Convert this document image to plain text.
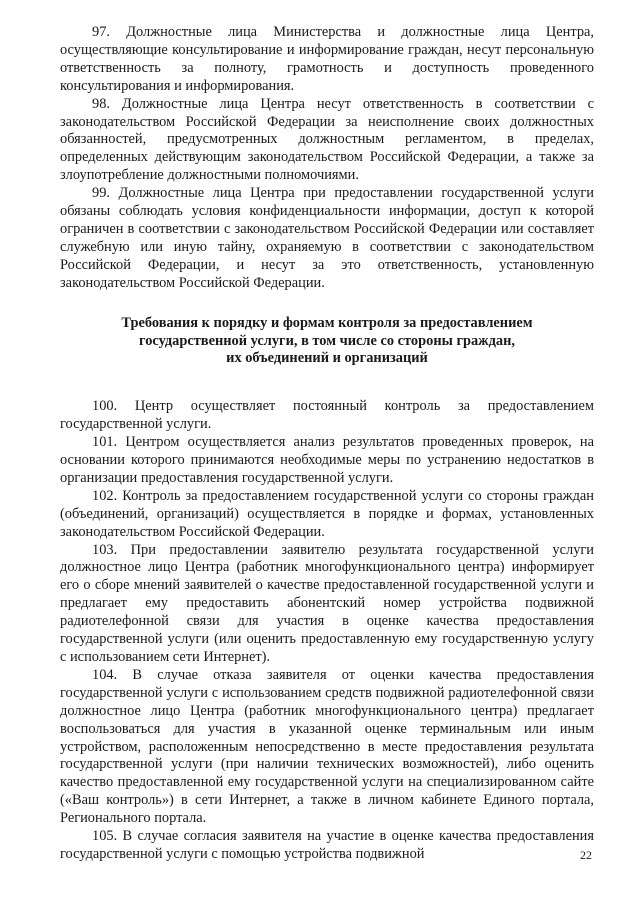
97. Должностные лица Министерства и должностные лица Центра, осуществляющие консультирование и информирование граждан, несут персональную ответственность за полноту, грамотность и доступность проведенного консультирования и информирования.

98. Должностные лица Центра несут ответственность в соответствии с законодательством Российской Федерации за неисполнение своих должностных обязанностей, предусмотренных должностным регламентом, в пределах, определенных действующим законодательством Российской Федерации, а также за злоупотребление должностными полномочиями.

99. Должностные лица Центра при предоставлении государственной услуги обязаны соблюдать условия конфиденциальности информации, доступ к которой ограничен в соответствии с законодательством Российской Федерации или составляет служебную или иную тайну, охраняемую в соответствии с законодательством Российской Федерации, и несут за это ответственность, установленную законодательством Российской Федерации.

Требования к порядку и формам контроля за предоставлением
государственной услуги, в том числе со стороны граждан,
их объединений и организаций

100. Центр осуществляет постоянный контроль за предоставлением государственной услуги.

101. Центром осуществляется анализ результатов проведенных проверок, на основании которого принимаются необходимые меры по устранению недостатков в организации предоставления государственной услуги.

102. Контроль за предоставлением государственной услуги со стороны граждан (объединений, организаций) осуществляется в порядке и формах, установленных законодательством Российской Федерации.

103. При предоставлении заявителю результата государственной услуги должностное лицо Центра (работник многофункционального центра) информирует его о сборе мнений заявителей о качестве предоставленной государственной услуги и предлагает ему предоставить абонентский номер устройства подвижной радиотелефонной связи для участия в оценке качества предоставления государственной услуги (или оценить предоставленную ему государственную услугу с использованием сети Интернет).

104. В случае отказа заявителя от оценки качества предоставления государственной услуги с использованием средств подвижной радиотелефонной связи должностное лицо Центра (работник многофункционального центра) предлагает воспользоваться для участия в указанной оценке терминальным или иным устройством, расположенным непосредственно в месте предоставления результата государственной услуги (при наличии технических возможностей), либо оценить качество предоставленной ему государственной услуги на специализированном сайте («Ваш контроль») в сети Интернет, а также в личном кабинете Единого портала, Регионального портала.

105. В случае согласия заявителя на участие в оценке качества предоставления государственной услуги с помощью устройства подвижной	22
